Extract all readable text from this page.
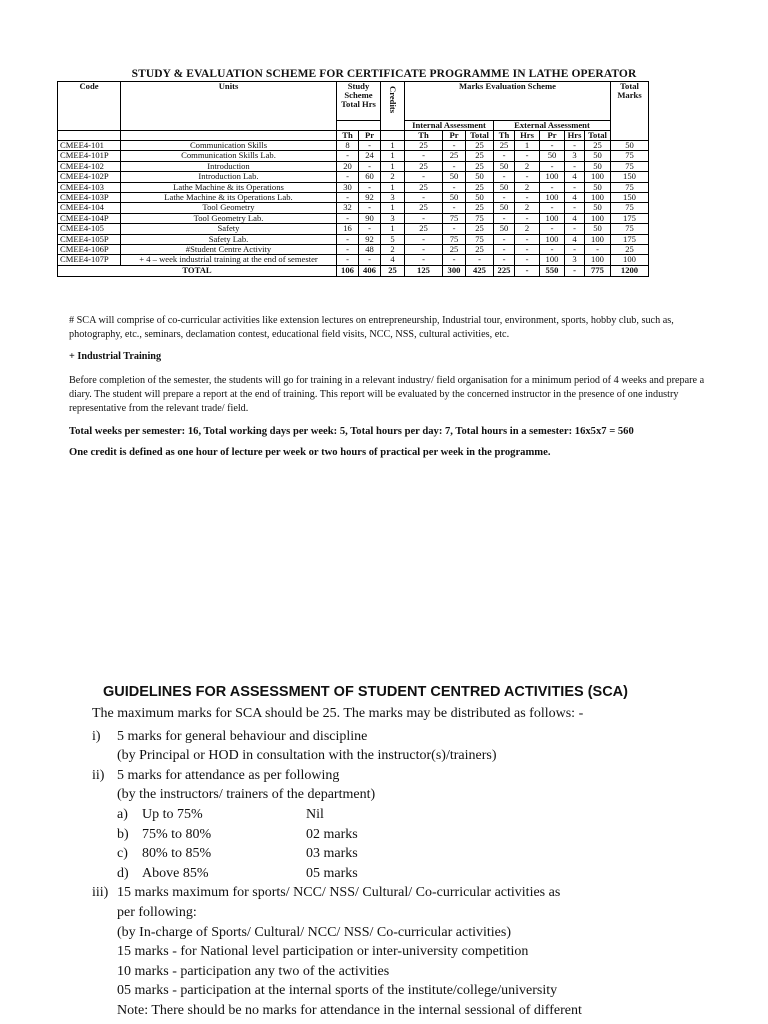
STUDY & EVALUATION SCHEME FOR CERTIFICATE PROGRAMME IN LATHE OPERATOR
Code	Units	Study Scheme Total Hrs		Credits	Marks Evaluation Scheme								Total Marks
					Internal Assessment			External Assessment					
		Th	Pr		Th	Pr	Total	Th	Hrs	Pr	Hrs	Total	
CMEE4-101	Communication Skills	8	-	1	25	-	25	25	1	-	-	25	50
CMEE4-101P	Communication Skills Lab.	-	24	1	-	25	25	-	-	50	3	50	75
CMEE4-102	Introduction	20	-	1	25	-	25	50	2	-	-	50	75
CMEE4-102P	Introduction Lab.	-	60	2	-	50	50	-	-	100	4	100	150
CMEE4-103	Lathe Machine & its Operations	30	-	1	25	-	25	50	2	-	-	50	75
CMEE4-103P	Lathe Machine & its Operations Lab.	-	92	3	-	50	50	-	-	100	4	100	150
CMEE4-104	Tool Geometry	32	-	1	25	-	25	50	2	-	-	50	75
CMEE4-104P	Tool Geometry Lab.	-	90	3	-	75	75	-	-	100	4	100	175
CMEE4-105	Safety	16	-	1	25	-	25	50	2	-	-	50	75
CMEE4-105P	Safety Lab.	-	92	5	-	75	75	-	-	100	4	100	175
CMEE4-106P	#Student Centre Activity	-	48	2	-	25	25	-	-	-	-	-	25
CMEE4-107P	+ 4 – week industrial training at the end of semester	-	-	4	-	-	-	-	-	100	3	100	100
TOTAL		106	406	25	125	300	425	225	-	550	-	775	1200
# SCA will comprise of co-curricular activities like extension lectures on entrepreneurship, Industrial tour, environment, sports, hobby club, such as, photography, etc., seminars, declamation contest, educational field visits, NCC, NSS, cultural activities, etc.
+ Industrial Training
Before completion of the semester, the students will go for training in a relevant industry/ field organisation for a minimum period of 4 weeks and prepare a diary. The student will prepare a report at the end of training. This report will be evaluated by the concerned instructor in the presence of one industry representative from the relevant trade/ field.
Total weeks per semester: 16, Total working days per week: 5, Total hours per day: 7, Total hours in a semester: 16x5x7 = 560
One credit is defined as one hour of lecture per week or two hours of practical per week in the programme.
GUIDELINES FOR ASSESSMENT OF STUDENT CENTRED ACTIVITIES (SCA)
The maximum marks for SCA should be 25. The marks may be distributed as follows: -
i) 5 marks for general behaviour and discipline
(by Principal or HOD in consultation with the instructor(s)/trainers)
ii) 5 marks for attendance as per following
(by the instructors/ trainers of the department)
a) Up to 75%	Nil
b) 75% to 80%	02 marks
c) 80% to 85%	03 marks
d) Above 85%	05 marks
iii) 15 marks maximum for sports/ NCC/ NSS/ Cultural/ Co-curricular activities as
per following:
(by In-charge of Sports/ Cultural/ NCC/ NSS/ Co-curricular activities)
15 marks - for National level participation or inter-university competition
10 marks - participation any two of the activities
05 marks - participation at the internal sports of the institute/college/university
Note: There should be no marks for attendance in the internal sessional of different
